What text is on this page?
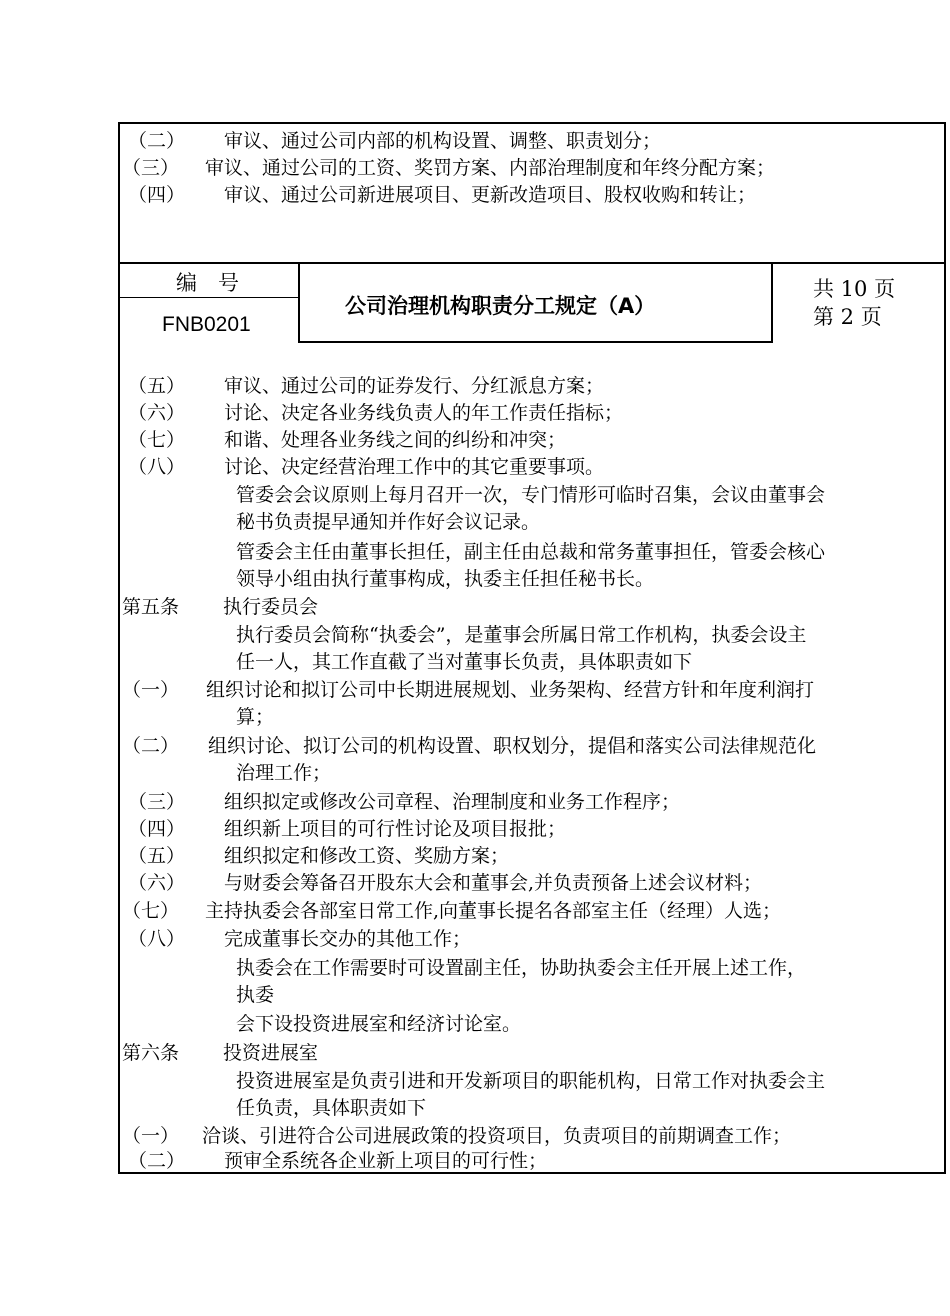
（二） 审议、通过公司内部的机构设置、调整、职责划分；
（三） 审议、通过公司的工资、奖罚方案、内部治理制度和年终分配方案；
（四） 审议、通过公司新进展项目、更新改造项目、股权收购和转让；
编　号
FNB0201
公司治理机构职责分工规定（A）
共 10 页
第 2 页
（五） 审议、通过公司的证券发行、分红派息方案；
（六） 讨论、决定各业务线负责人的年工作责任指标；
（七） 和谐、处理各业务线之间的纠纷和冲突；
（八） 讨论、决定经营治理工作中的其它重要事项。
管委会会议原则上每月召开一次，专门情形可临时召集，会议由董事会
秘书负责提早通知并作好会议记录。
管委会主任由董事长担任，副主任由总裁和常务董事担任，管委会核心
领导小组由执行董事构成，执委主任担任秘书长。
第五条 执行委员会
执行委员会简称“执委会”，是董事会所属日常工作机构，执委会设主
任一人，其工作直截了当对董事长负责，具体职责如下
（一） 组织讨论和拟订公司中长期进展规划、业务架构、经营方针和年度利润打
算；
（二） 组织讨论、拟订公司的机构设置、职权划分，提倡和落实公司法律规范化
治理工作；
（三） 组织拟定或修改公司章程、治理制度和业务工作程序；
（四） 组织新上项目的可行性讨论及项目报批；
（五） 组织拟定和修改工资、奖励方案；
（六） 与财委会筹备召开股东大会和董事会,并负责预备上述会议材料；
（七） 主持执委会各部室日常工作,向董事长提名各部室主任（经理）人选；
（八） 完成董事长交办的其他工作；
执委会在工作需要时可设置副主任，协助执委会主任开展上述工作，
执委
会下设投资进展室和经济讨论室。
第六条 投资进展室
投资进展室是负责引进和开发新项目的职能机构，日常工作对执委会主
任负责，具体职责如下
（一） 洽谈、引进符合公司进展政策的投资项目，负责项目的前期调查工作；
（二） 预审全系统各企业新上项目的可行性；
